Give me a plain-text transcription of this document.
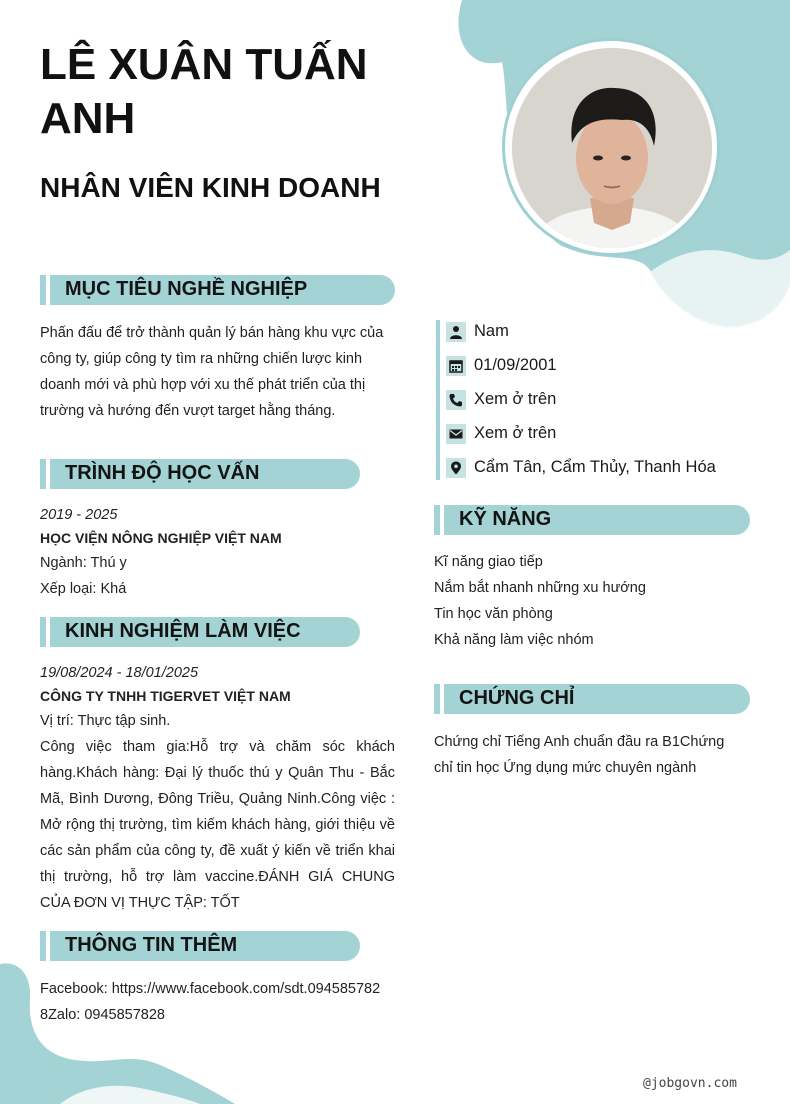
LÊ XUÂN TUẤN ANH
NHÂN VIÊN KINH DOANH
MỤC TIÊU NGHỀ NGHIỆP

Phấn đấu để trở thành quản lý bán hàng khu vực của công ty, giúp công ty tìm ra những chiến lược kinh doanh mới và phù hợp với xu thế phát triển của thị trường và hướng đến vượt target hằng tháng.

TRÌNH ĐỘ HỌC VẤN
2019 - 2025
HỌC VIỆN NÔNG NGHIỆP VIỆT NAM
Ngành: Thú y
Xếp loại: Khá
KINH NGHIỆM LÀM VIỆC
19/08/2024 - 18/01/2025
CÔNG TY TNHH TIGERVET VIỆT NAM
Vị trí: Thực tập sinh.

Công việc tham gia:Hỗ trợ và chăm sóc khách hàng.Khách hàng: Đại lý thuốc thú y Quân Thu - Bắc Mã, Bình Dương, Đông Triều, Quảng Ninh.Công việc : Mở rộng thị trường, tìm kiếm khách hàng, giới thiệu về các sản phẩm của công ty, đề xuất ý kiến về triển khai thị trường, hỗ trợ làm vaccine.ĐÁNH GIÁ CHUNG CỦA ĐƠN VỊ THỰC TẬP: TỐT

THÔNG TIN THÊM

Facebook: https://www.facebook.com/sdt.0945857828Zalo: 0945857828

Nam
01/09/2001
Xem ở trên
Xem ở trên
Cẩm Tân, Cẩm Thủy, Thanh Hóa
KỸ NĂNG
Kĩ năng giao tiếp
Nắm bắt nhanh những xu hướng
Tin học văn phòng
Khả năng làm việc nhóm
CHỨNG CHỈ

Chứng chỉ Tiếng Anh chuẩn đầu ra B1Chứng chỉ tin học Ứng dụng mức chuyên ngành

@jobgovn.com
